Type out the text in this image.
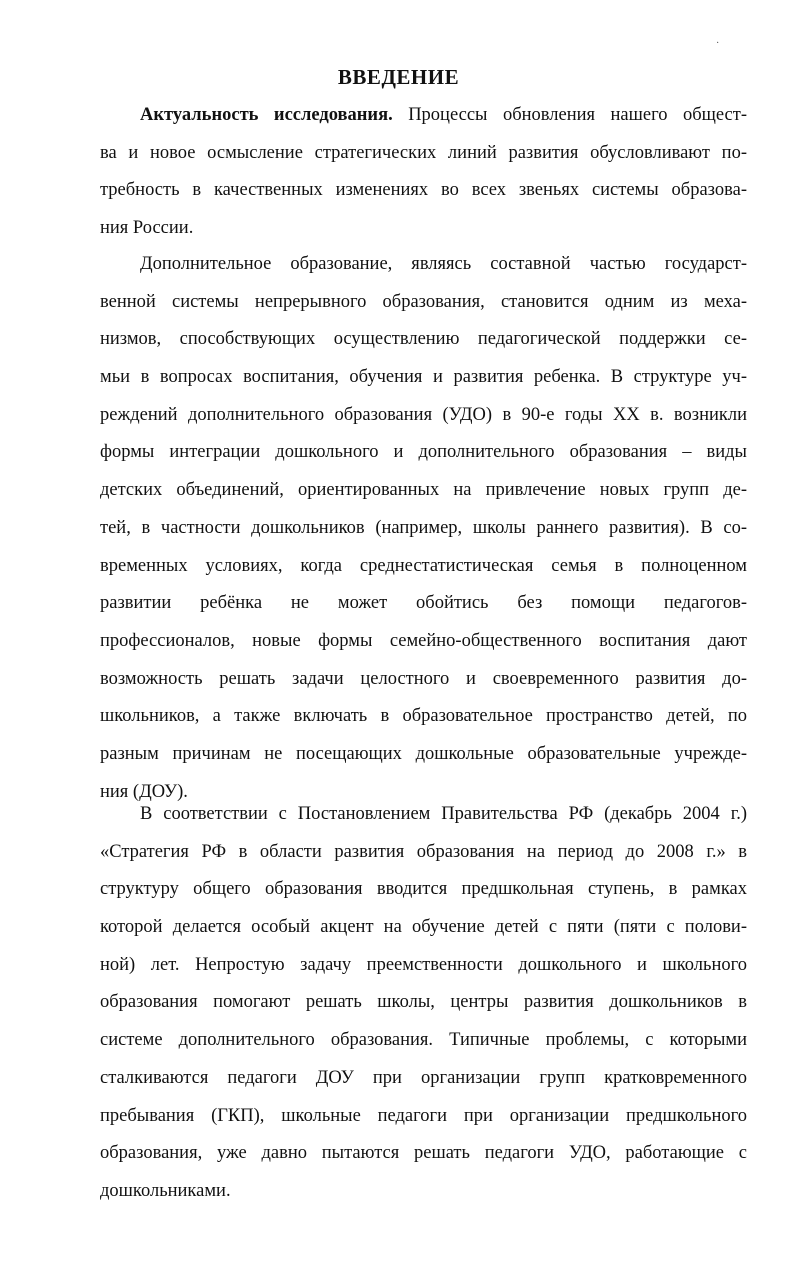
·
ВВЕДЕНИЕ
Актуальность исследования. Процессы обновления нашего общест-
ва и новое осмысление стратегических линий развития обусловливают по-
требность в качественных изменениях во всех звеньях системы образова-
ния России.
Дополнительное образование, являясь составной частью государст-
венной системы непрерывного образования, становится одним из меха-
низмов, способствующих осуществлению педагогической поддержки се-
мьи в вопросах воспитания, обучения и развития ребенка. В структуре уч-
реждений дополнительного образования (УДО) в 90-е годы XX в. возникли
формы интеграции дошкольного и дополнительного образования – виды
детских объединений, ориентированных на привлечение новых групп де-
тей, в частности дошкольников (например, школы раннего развития). В со-
временных условиях, когда среднестатистическая семья в полноценном
развитии ребёнка не может обойтись без помощи педагогов-
профессионалов, новые формы семейно-общественного воспитания дают
возможность решать задачи целостного и своевременного развития до-
школьников, а также включать в образовательное пространство детей, по
разным причинам не посещающих дошкольные образовательные учрежде-
ния (ДОУ).
В соответствии с Постановлением Правительства РФ (декабрь 2004 г.)
«Стратегия РФ в области развития образования на период до 2008 г.» в
структуру общего образования вводится предшкольная ступень, в рамках
которой делается особый акцент на обучение детей с пяти (пяти с полови-
ной) лет. Непростую задачу преемственности дошкольного и школьного
образования помогают решать школы, центры развития дошкольников в
системе дополнительного образования. Типичные проблемы, с которыми
сталкиваются педагоги ДОУ при организации групп кратковременного
пребывания (ГКП), школьные педагоги при организации предшкольного
образования, уже давно пытаются решать педагоги УДО, работающие с
дошкольниками.
